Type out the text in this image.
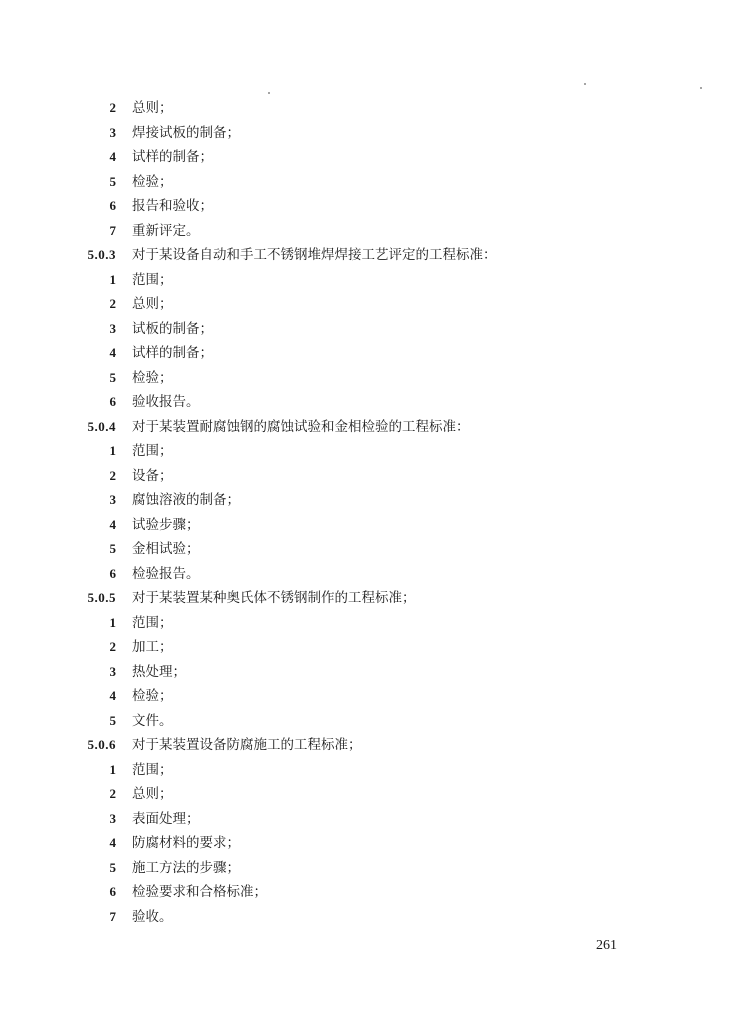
2 总则；
3 焊接试板的制备；
4 试样的制备；
5 检验；
6 报告和验收；
7 重新评定。
5.0.3 对于某设备自动和手工不锈钢堆焊焊接工艺评定的工程标准：
1 范围；
2 总则；
3 试板的制备；
4 试样的制备；
5 检验；
6 验收报告。
5.0.4 对于某装置耐腐蚀钢的腐蚀试验和金相检验的工程标准：
1 范围；
2 设备；
3 腐蚀溶液的制备；
4 试验步骤；
5 金相试验；
6 检验报告。
5.0.5 对于某装置某种奥氏体不锈钢制作的工程标准；
1 范围；
2 加工；
3 热处理；
4 检验；
5 文件。
5.0.6 对于某装置设备防腐施工的工程标准；
1 范围；
2 总则；
3 表面处理；
4 防腐材料的要求；
5 施工方法的步骤；
6 检验要求和合格标准；
7 验收。
261
